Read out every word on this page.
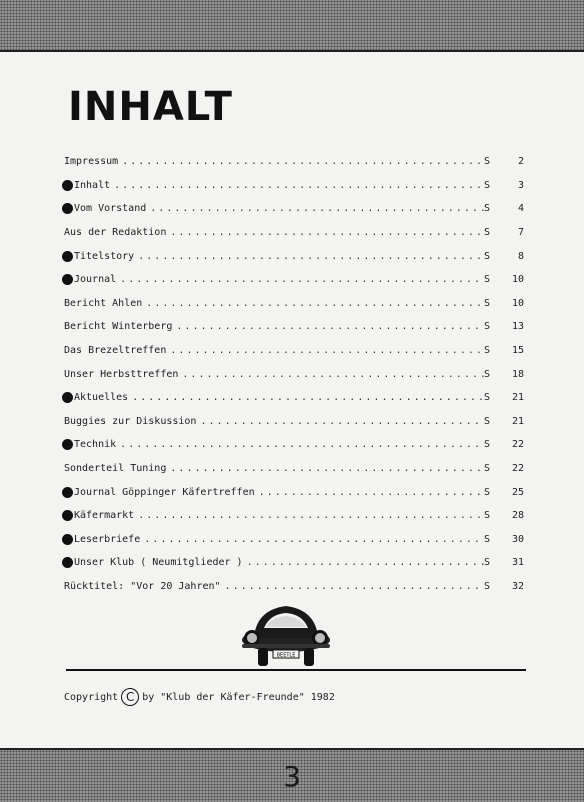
INHALT
Impressum . . .	S	2
Inhalt . . .	S	3
Vom Vorstand . . .	S	4
Aus der Redaktion . . .	S	7
Titelstory . . .	S	8
Journal . . .	S	10
Bericht Ahlen . . .	S	10
Bericht Winterberg . . .	S	13
Das Brezeltreffen . . .	S	15
Unser Herbsttreffen . . .	S	18
Aktuelles . . .	S	21
Buggies zur Diskussion . . .	S	21
Technik . . .	S	22
Sonderteil Tuning . . .	S	22
Journal Göppinger Käfertreffen . . .	S	25
Käfermarkt . . .	S	28
Leserbriefe . . .	S	30
Unser Klub ( Neumitglieder ) . . .	S	31
Rücktitel: "Vor 20 Jahren" . . .	S	32
BEETLE
Copyright C by "Klub der Käfer-Freunde" 1982
3
